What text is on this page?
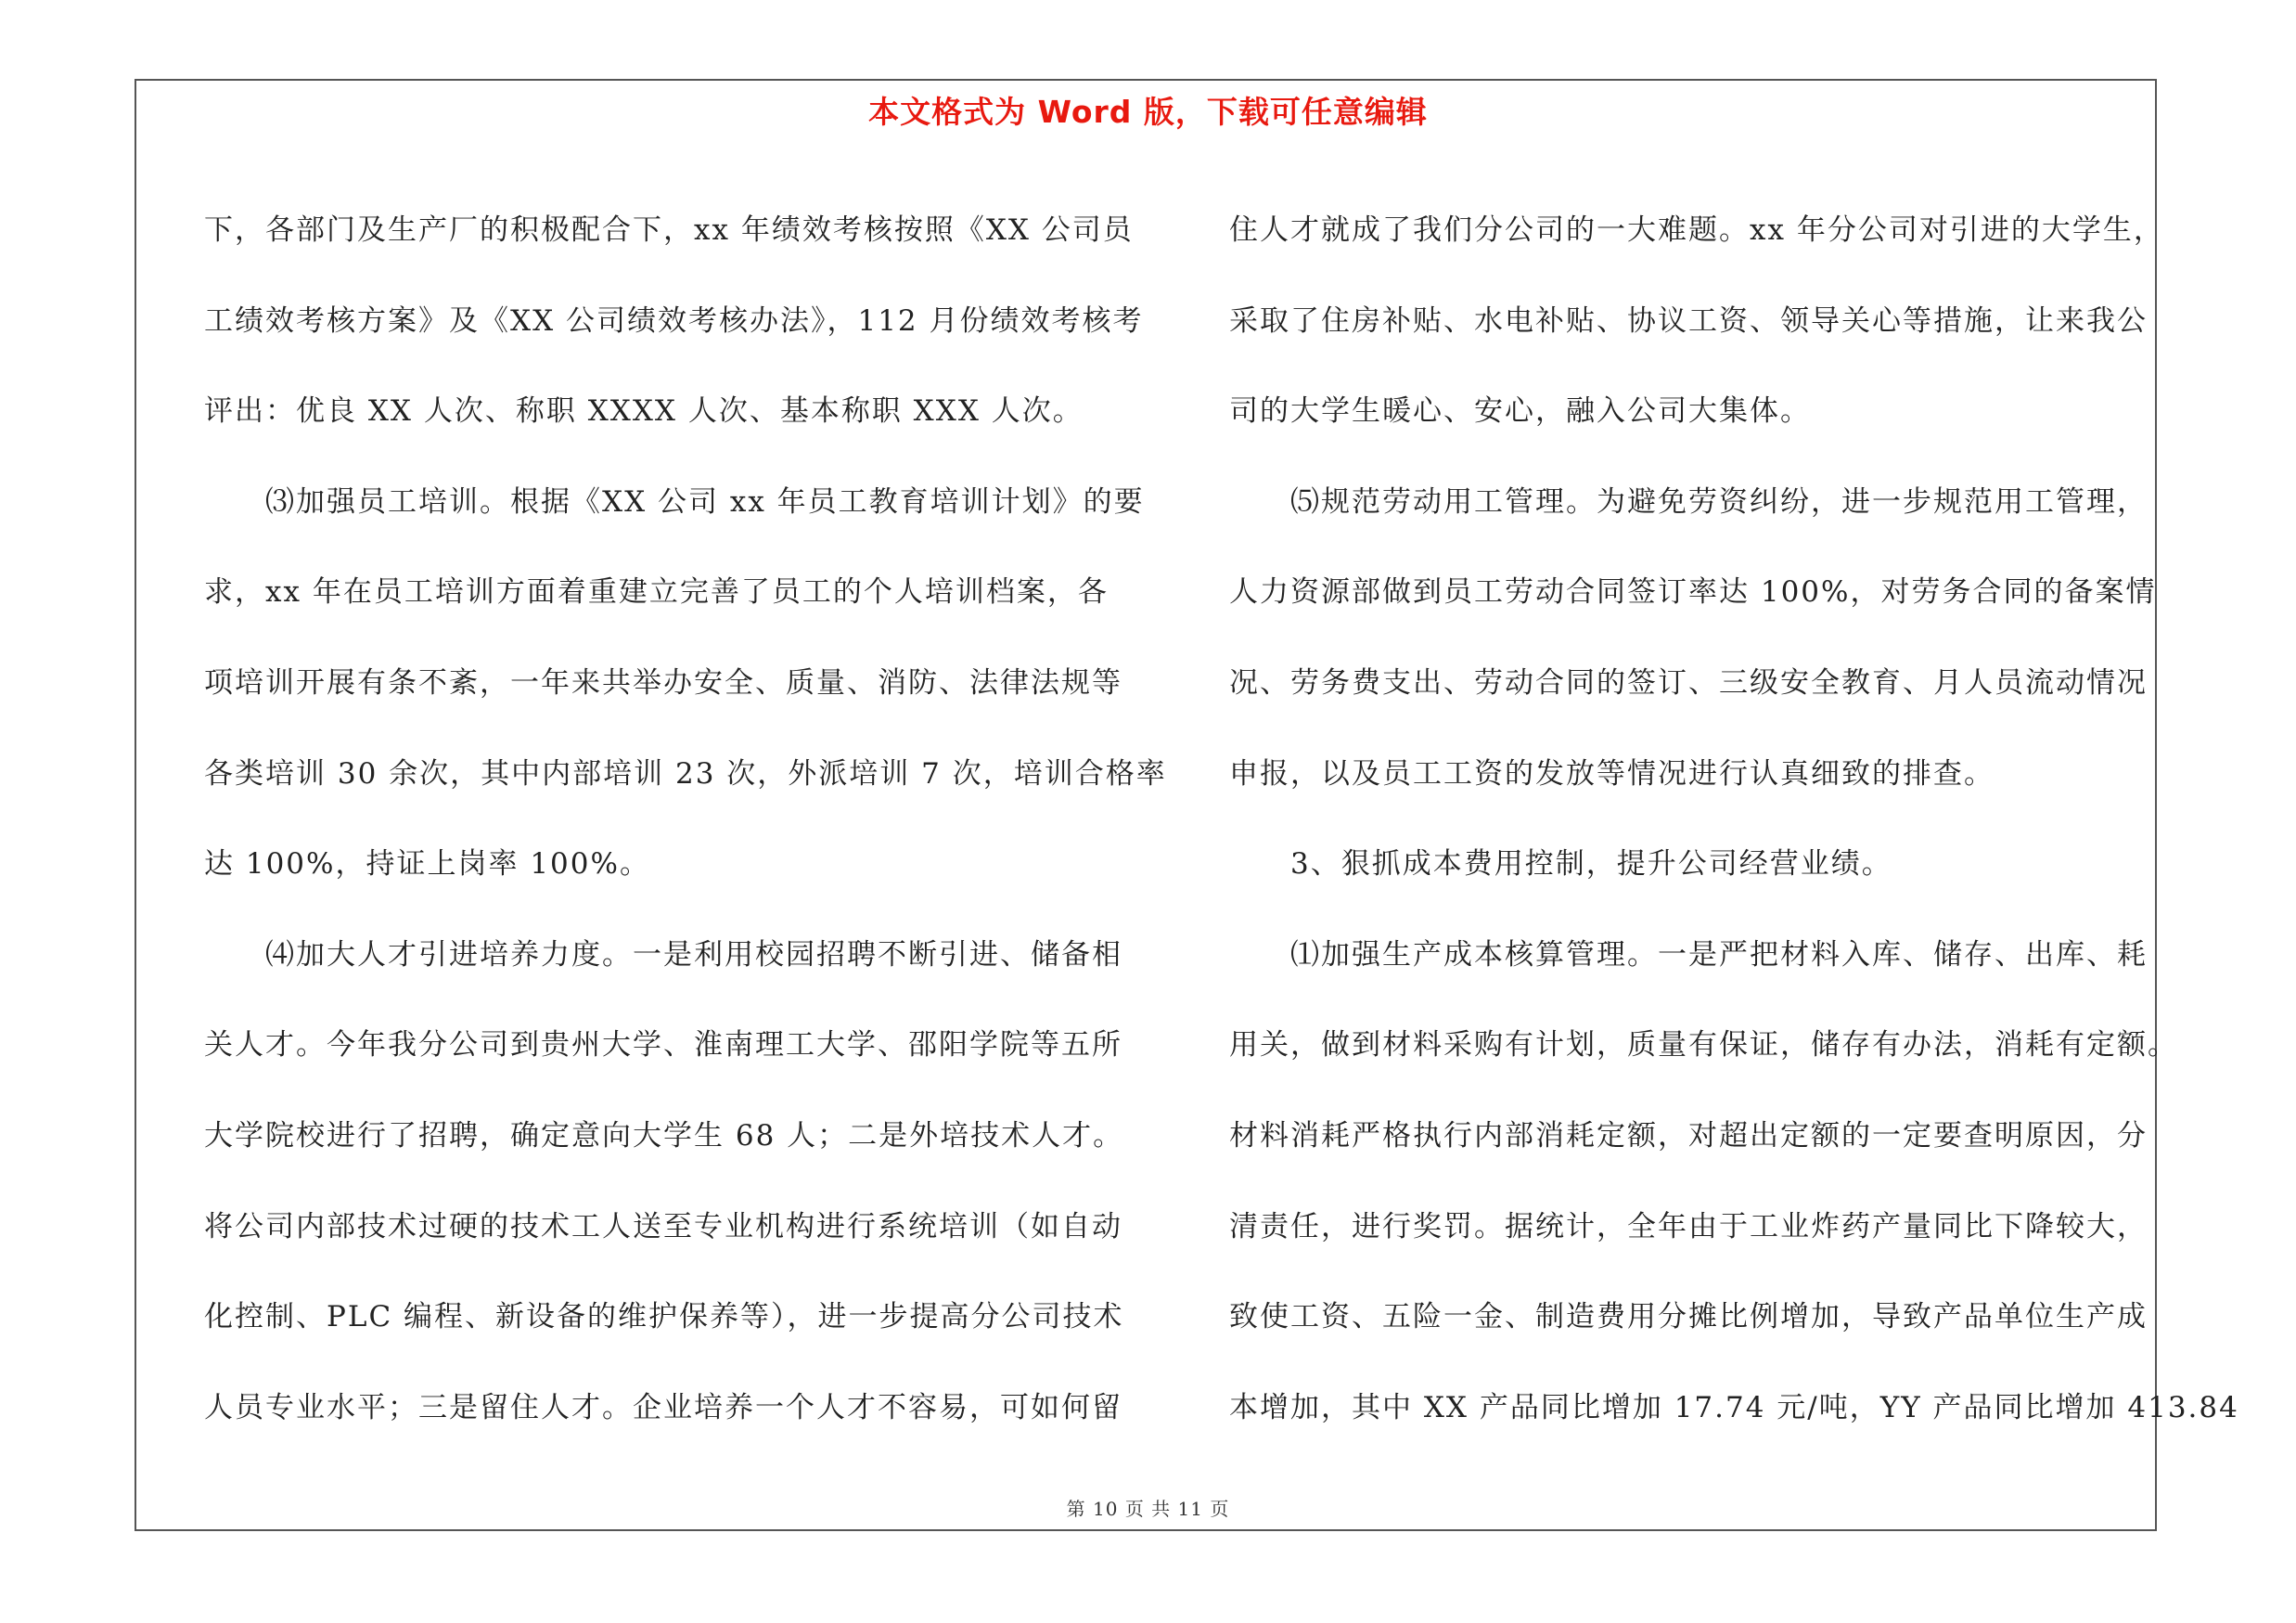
本文格式为 Word 版，下载可任意编辑
下，各部门及生产厂的积极配合下，xx 年绩效考核按照《XX 公司员
工绩效考核方案》及《XX 公司绩效考核办法》，112 月份绩效考核考
评出：优良 XX 人次、称职 XXXX 人次、基本称职 XXX 人次。
　　⑶加强员工培训。根据《XX 公司 xx 年员工教育培训计划》的要
求，xx 年在员工培训方面着重建立完善了员工的个人培训档案，各
项培训开展有条不紊，一年来共举办安全、质量、消防、法律法规等
各类培训 30 余次，其中内部培训 23 次，外派培训 7 次，培训合格率
达 100%，持证上岗率 100%。
　　⑷加大人才引进培养力度。一是利用校园招聘不断引进、储备相
关人才。今年我分公司到贵州大学、淮南理工大学、邵阳学院等五所
大学院校进行了招聘，确定意向大学生 68 人；二是外培技术人才。
将公司内部技术过硬的技术工人送至专业机构进行系统培训（如自动
化控制、PLC 编程、新设备的维护保养等），进一步提高分公司技术
人员专业水平；三是留住人才。企业培养一个人才不容易，可如何留
住人才就成了我们分公司的一大难题。xx 年分公司对引进的大学生，
采取了住房补贴、水电补贴、协议工资、领导关心等措施，让来我公
司的大学生暖心、安心，融入公司大集体。
　　⑸规范劳动用工管理。为避免劳资纠纷，进一步规范用工管理，
人力资源部做到员工劳动合同签订率达 100%，对劳务合同的备案情
况、劳务费支出、劳动合同的签订、三级安全教育、月人员流动情况
申报，以及员工工资的发放等情况进行认真细致的排查。
　　3、狠抓成本费用控制，提升公司经营业绩。
　　⑴加强生产成本核算管理。一是严把材料入库、储存、出库、耗
用关，做到材料采购有计划，质量有保证，储存有办法，消耗有定额。
材料消耗严格执行内部消耗定额，对超出定额的一定要查明原因，分
清责任，进行奖罚。据统计，全年由于工业炸药产量同比下降较大，
致使工资、五险一金、制造费用分摊比例增加，导致产品单位生产成
本增加，其中 XX 产品同比增加 17.74 元/吨，YY 产品同比增加 413.84
第 10 页 共 11 页
